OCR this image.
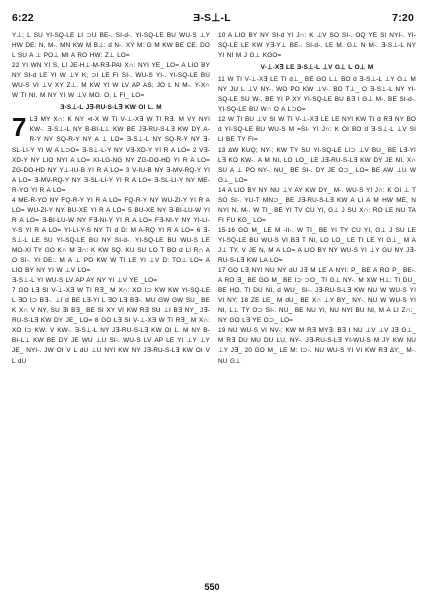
6:22	Ǝ-S⊥-L	7:20

Y⊥; L SU YI-SQ-LE LI ⊃U BE-. SI-d-. YI-SQ-LE BU WU-S ⊥Y HW DE: N, M-. MN KW M B⊥: d N-. XY M: G M KW BE CE. DO L SU A ⊥ PO⊥ MI A RO HW: Z⊥ LO=

22 YI WN YI S, LI JE-H⊥-M-R∃-PAI X∩: NYI YE_ LO= A LIO BY NY SI-d LE YI W ⊥Y K, ⊃I LE FI SI-. WU-S YI-. YI-SQ-LE BU WU-S VI ⊥V XY Z⊥. M KW YI W LV AP AS; JO L N M-. Y-X∩ W TI NI, M NY YI W ⊥V MO. O, L FI_ LO=

Ǝ-S⊥-L J∃-RU-S-L∃ KW OI L. M

7 L∃ MY X∩: K NY ⊲-X W TI V-⊥-X∃ W TI R∃. M VY NYI KW-. Ǝ-S⊥-L NY B-BI-L⊥ KW BE J∃-RU-S-L∃ KW DY A-R-Y NY SQ-R-Y NY A ⊥ LO= Ǝ-S⊥-L NY SQ-R-Y NY Ǝ-SL-LI-Y YI W A L⊃O= Ǝ-S⊥-L-Y NY V∃-XD-Y YI R A LO= 2 V∃-XD-Y NY LIO NYI A LO= XI-LG-NG NY ZG-DO-HD YI R A LO= ZG-DO-HD NY Y⊥-IU-B YI R A LO= 3 V-IU-B NY Ǝ-MV-RQ-Y YI A LO= Ǝ-MV-RQ-Y NY Ǝ-SL-LI-Y YI R A LO= Ǝ-SL-LI-Y NY ME-R-YO YI R A LO=

4 ME-R-YO NY FQ-R-Y YI R A LO= FQ-R-Y NY WU-ZI-Y YI R A LO= WU-ZI-Y NY BU-XE YI R A LO= 5 BU-XE NY Ǝ-BI-LU-W YI R A LO= Ǝ-BI-LU-W NY F∃-NI-Y YI R A LO= F∃-NI-Y NY YI-LI-Y-S YI R A LO= YI-LI-Y-S NY TI d D: M A-RQ YI R A LO= 6 Ǝ-S⊥-L LE SU YI-SQ-LE BU NY SI-d-. YI-SQ-LE BU WU-S LE MO-XI TY GO K∩ M ∃∩: K KW SQ. KU SU LO T BO d LI R∩ A O SI-. YI DE:. M A ⊥ PO KW W TI LE YI ⊥V D: TO⊥ LO= A LIO BY NY YI W ⊥V LO=

Ǝ-S⊥-L YI WU-S LV AP AY NY YI ⊥V YE _LO=

7 GO L∃ SI V-⊥-X∃ W TI R∃_ M X∩: XO I⊃ KW KW YI-SQ-LE L ∃O I⊃ B∃-. ⊥I d BE L∃-YI L ∃O L∃ B∃-. MU GW GW SU_ BE K X∩ V NY, SU ∃I B∃_ BE SI XY VI KW R∃ SU ⊥I B∃ NY_ J∃-RU-S-L∃ KW DY JE_ LO= 8 GO L∃ SI V-⊥-X∃ W TI R∃_ M X∩: XO I⊃ KW: V KW-. Ǝ-S⊥-L NY J∃-RU-S-L∃ KW OI L. M NY B-BI-L⊥ KW BE DY JE WU ⊥U SI-. WU-S LV AP LE YI ⊥Y ⊥Y JE_ NYI-. JW OI V L dU ⊥U NYI KW NY J∃-RU-S-L∃ KW OI V L dU

10 A LIO BY NY SI-d YI J∩: K ⊥V SO SI-. OQ YE SI NYI-. YI-SQ-LE LE KW Y∃-Y⊥ BE-. SI-d-. LE M. G⊥ N M-. Ǝ-S⊥-L NY YI NI M J G⊥ KGO=

V-⊥-X∃ LE Ǝ-S⊥-L ⊥V G⊥ L O⊥ M

11 W TI V-⊥-X∃ LE TI d⊥_ BE GO L⊥ BO d Ǝ-S⊥-L ⊥Y G⊥ M NY JU L ⊥V NY-. WO PO KW ⊥V-. BO T⊥_ O Ǝ-S⊥-L NY YI-SQ-LE SU W-. BE YI P XY YI-SQ-LE BU B∃ I G⊥ M-. BE SI-d-. YI-SQ-LE BU W∩ O A L⊃O=

12 W TI BU ⊥V SI W TI V-⊥-X∃ LE LE NYI KW TI d R∃ NY BO d YI-SQ-LE BU WU-S M =SI- YI J∩: K OI BO d Ǝ-S⊥-L ⊥V SI LI BE TY FI=

13 ∆W KUQ; NY-; KW TY SU YI-SQ-LE LI⊃ ⊥V BU_ BE L∃-YI L∃ KO KW-. A M NI, LO LO_ LE J∃-RU-S-L∃ KW DY JE NI, X∩ SU A ⊥ PO NY-. NU_ BE SI-. DY JE O⊃_ LO= BE AW ⊥U W G⊥_ LO=

14 A LIO BY NY NU ⊥Y AY KW DY_ M-. WU-S YI J∩: K OI ⊥ T SO SI-. YU-T MN⊃_ BE J∃-RU-S-L∃ KW A LI A M HW ME, N NYI N, M-. W TI_ BE YI TV CU YI, G⊥ J SU X∩: RO LE NU TA FI FU KG_ LO=

15-16 GO M_ LE M -II-. W TI_ BE YI TY CU YI, G⊥ J SU LE YI-SQ-LE BU WU-S VI B∃ T NI, LO LO_ LE TI LE YI G⊥_ M A J⊥ TY, V JE N, M A LO= A LIO BY NY WU-S YI ⊥Y GU NY J∃-RU-S-L∃ KW LA LO=

17 GO L∃ NYI NU NY dU J∃ M LE A NYI: P_ BE A RO P_ BE-. A RO ∃_ BE GO M_ BE I⊃ ⊃O_ TI G⊥ NY-. M XW H⊥: TI DU_ BE HO. TI DU NI, d WU_ SI-. J∃-RU-S-L∃ KW NU W WU-S YI VI NY: 18 ZE LE_ M dU_ BE X∩ ⊥Y BY_ NY-. NU W WU-S YI NI, L⊥ TY O⊃ SI-. NU_ BE NU YI, NU NYI BU NI, M A LI Z∩:_ NY GO L∃ YE O⊃_ LO=

19 NU WU-S VI NV-; KW M R∃ MY∃: B∃ I NU ⊥V ⊥V J∃ G⊥_ M R∃ DU MU DU LU, NY-. J∃-RU-S-L∃ YI-WU-S M JY KW NU ⊥Y J∃_ 20 GO M_ LE M: I⊃-. NU WU-S YI VI KW R∃ ∆Y;_ M-. NU G⊥

550
